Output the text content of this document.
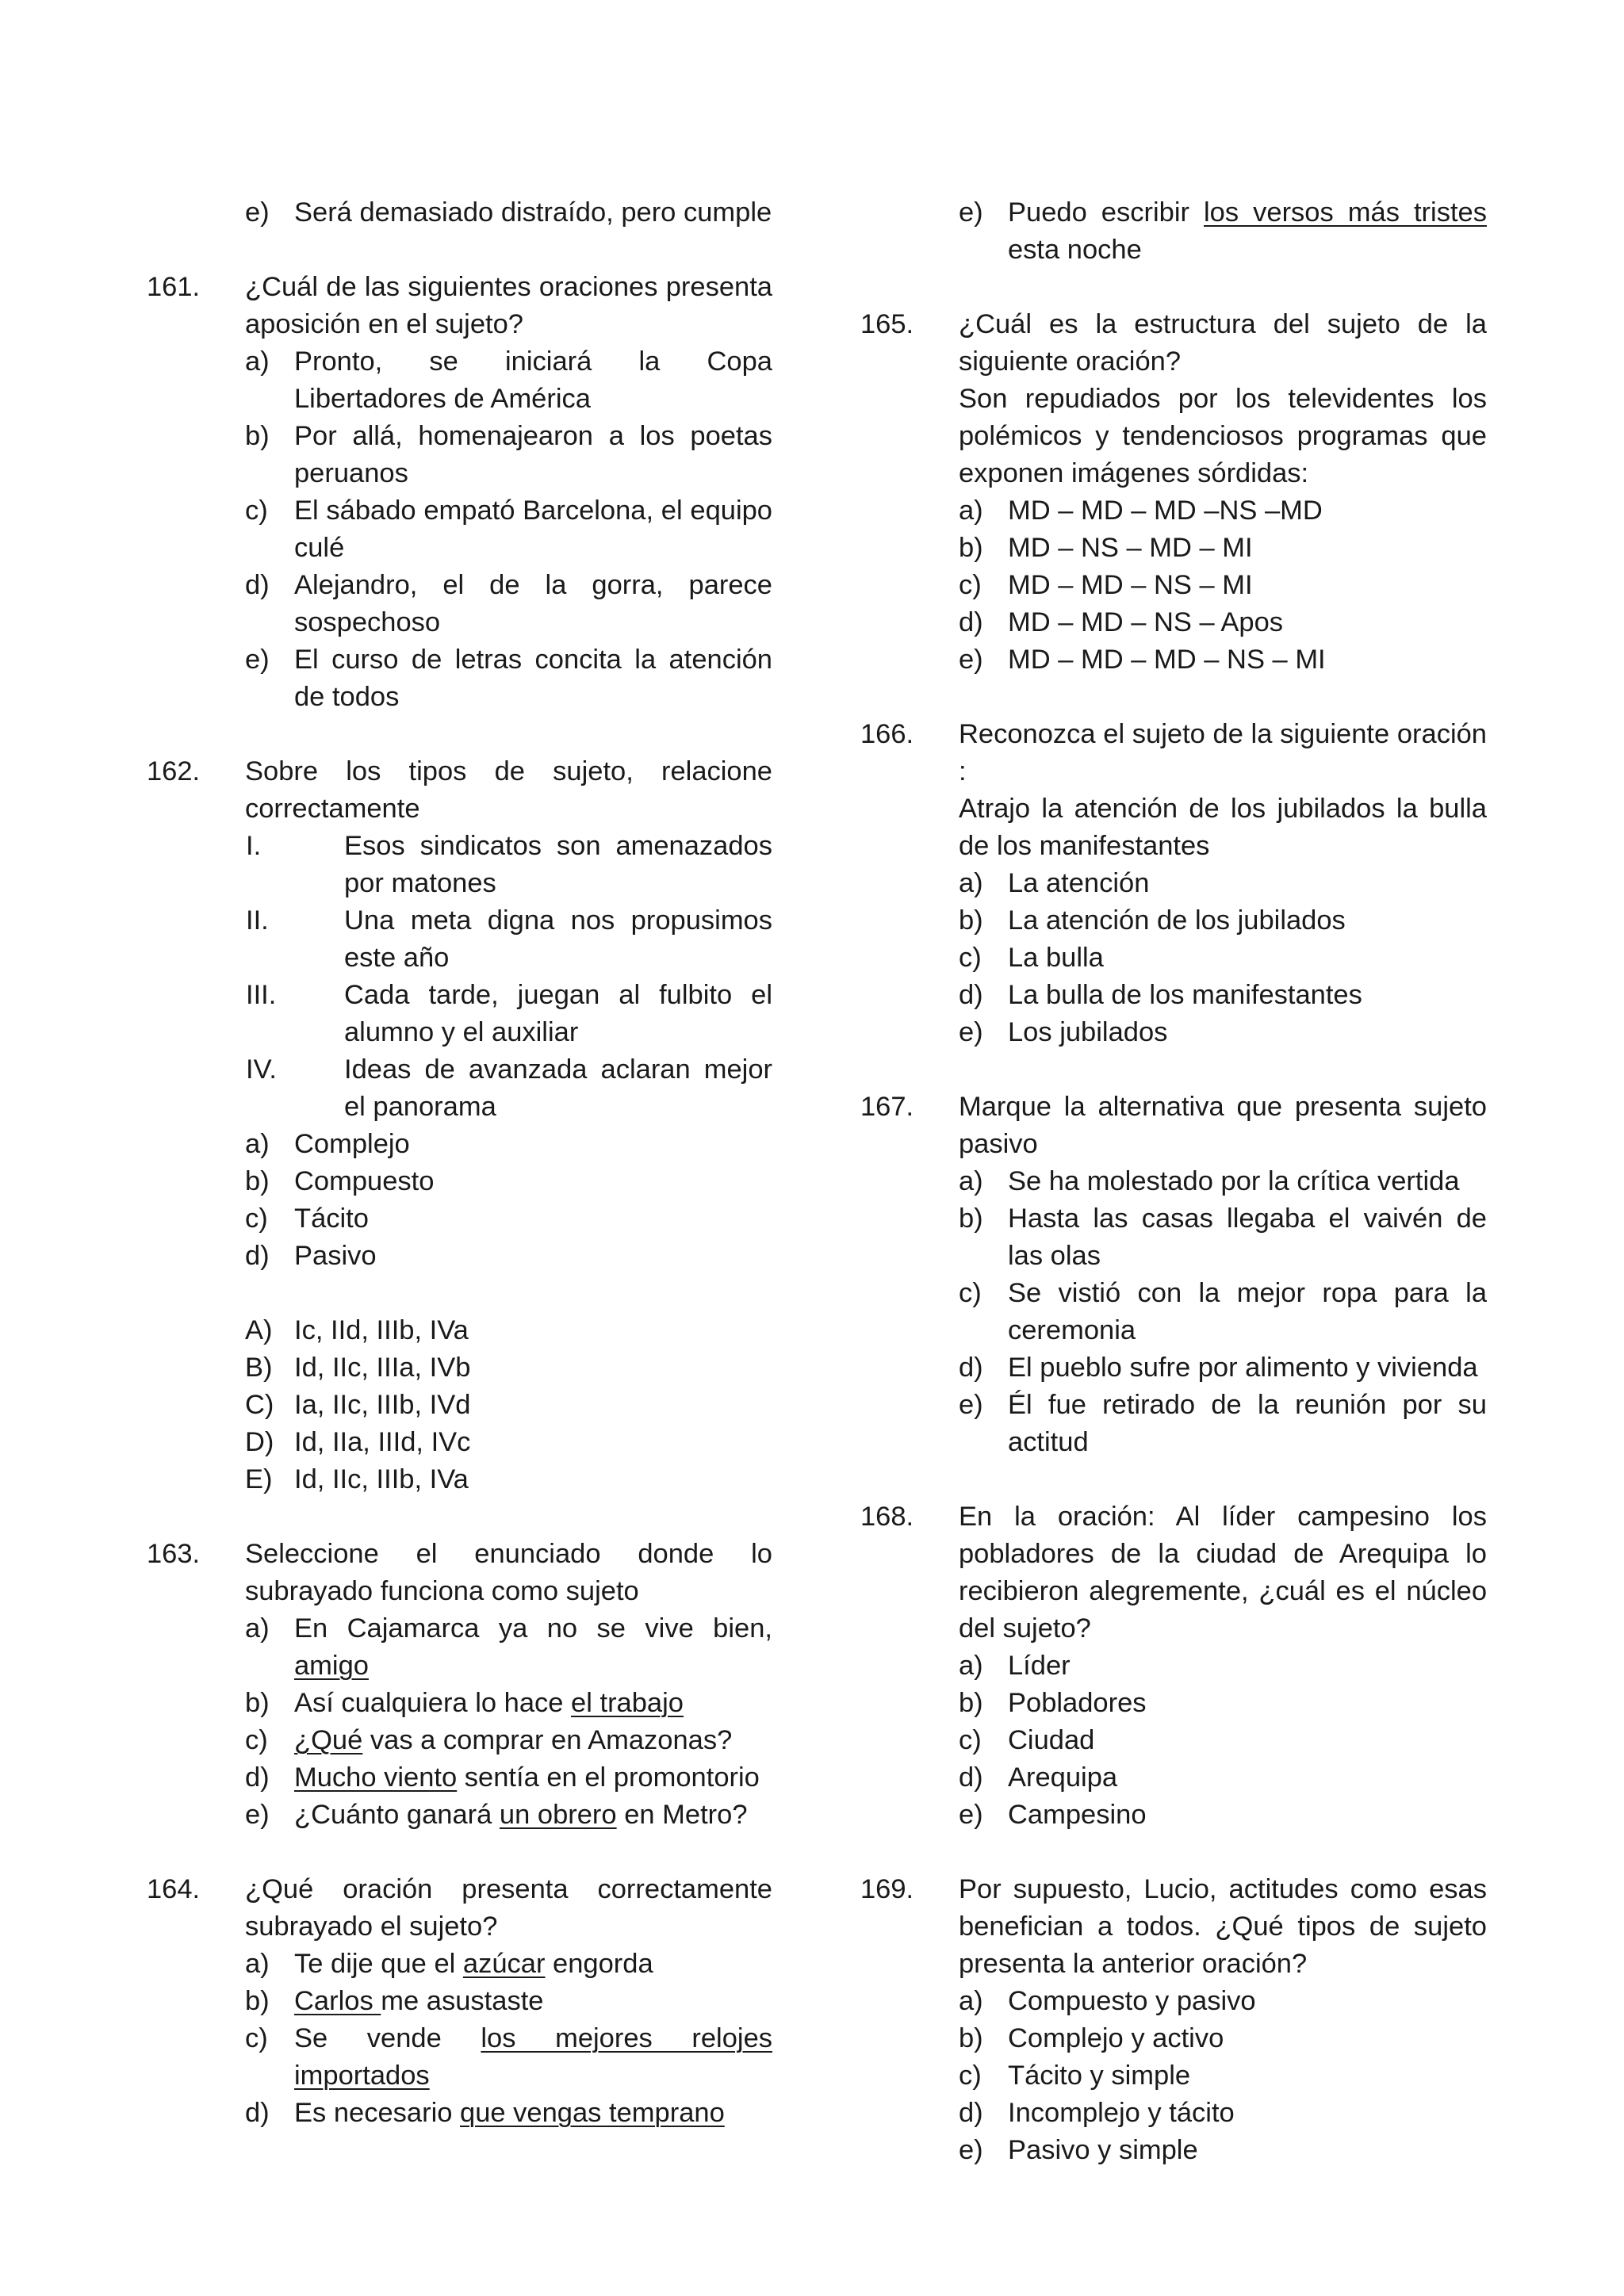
e) Será demasiado distraído, pero cumple
161. ¿Cuál de las siguientes oraciones presenta aposición en el sujeto?
a) Pronto, se iniciará la Copa Libertadores de América
b) Por allá, homenajearon a los poetas peruanos
c) El sábado empató Barcelona, el equipo culé
d) Alejandro, el de la gorra, parece sospechoso
e) El curso de letras concita la atención de todos
162. Sobre los tipos de sujeto, relacione correctamente
I.	Esos sindicatos son amenazados por matones
II.	Una meta digna nos propusimos este año
III. Cada tarde, juegan al fulbito el alumno y el auxiliar
IV. Ideas de avanzada aclaran mejor el panorama
a) Complejo
b) Compuesto
c) Tácito
d) Pasivo
A) Ic, IId, IIIb, IVa
B) Id, IIc, IIIa, IVb
C) Ia, IIc, IIIb, IVd
D) Id, IIa, IIId, IVc
E) Id, IIc, IIIb, IVa
163. Seleccione el enunciado donde lo subrayado funciona como sujeto
a) En Cajamarca ya no se vive bien, amigo
b) Así cualquiera lo hace el trabajo
c) ¿Qué vas a comprar en Amazonas?
d) Mucho viento sentía en el promontorio
e) ¿Cuánto ganará un obrero en Metro?
164. ¿Qué oración presenta correctamente subrayado el sujeto?
a) Te dije que el azúcar engorda
b) Carlos me asustaste
c) Se vende los mejores relojes importados
d) Es necesario que vengas temprano
e) Puedo escribir los versos más tristes esta noche
165. ¿Cuál es la estructura del sujeto de la siguiente oración?
Son repudiados por los televidentes los polémicos y tendenciosos programas que exponen imágenes sórdidas:
a) MD – MD – MD –NS –MD
b) MD – NS – MD – MI
c) MD – MD – NS – MI
d) MD – MD – NS – Apos
e) MD – MD – MD – NS – MI
166. Reconozca el sujeto de la siguiente oración :
Atrajo la atención de los jubilados la bulla de los manifestantes
a) La atención
b) La atención de los jubilados
c) La bulla
d) La bulla de los manifestantes
e) Los jubilados
167. Marque la alternativa que presenta sujeto pasivo
a) Se ha molestado por la crítica vertida
b) Hasta las casas llegaba el vaivén de las olas
c) Se vistió con la mejor ropa para la ceremonia
d) El pueblo sufre por alimento y vivienda
e) Él fue retirado de la reunión por su actitud
168. En la oración: Al líder campesino los pobladores de la ciudad de Arequipa lo recibieron alegremente, ¿cuál es el núcleo del sujeto?
a) Líder
b) Pobladores
c) Ciudad
d) Arequipa
e) Campesino
169. Por supuesto, Lucio, actitudes como esas benefician a todos. ¿Qué tipos de sujeto presenta la anterior oración?
a) Compuesto y pasivo
b) Complejo y activo
c) Tácito y simple
d) Incomplejo y tácito
e) Pasivo y simple
